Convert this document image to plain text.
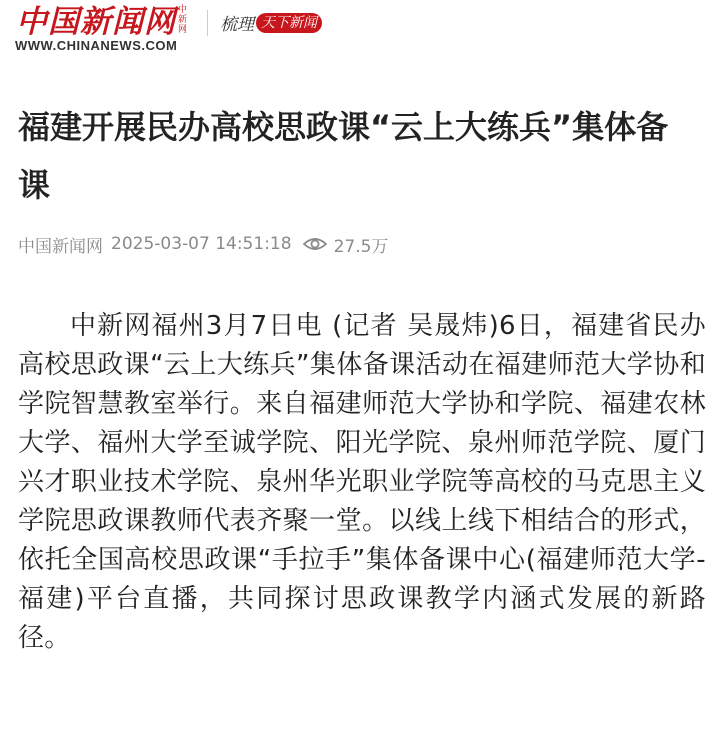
中国新闻网 中新网
WWW.CHINANEWS.COM
梳理 天下新闻
福建开展民办高校思政课“云上大练兵”集体备课
中国新闻网 2025-03-07 14:51:18 27.5万

中新网福州3月7日电 (记者 吴晟炜)6日，福建省民办高校思政课“云上大练兵”集体备课活动在福建师范大学协和学院智慧教室举行。来自福建师范大学协和学院、福建农林大学、福州大学至诚学院、阳光学院、泉州师范学院、厦门兴才职业技术学院、泉州华光职业学院等高校的马克思主义学院思政课教师代表齐聚一堂。以线上线下相结合的形式，依托全国高校思政课“手拉手”集体备课中心(福建师范大学-福建)平台直播，共同探讨思政课教学内涵式发展的新路径。
